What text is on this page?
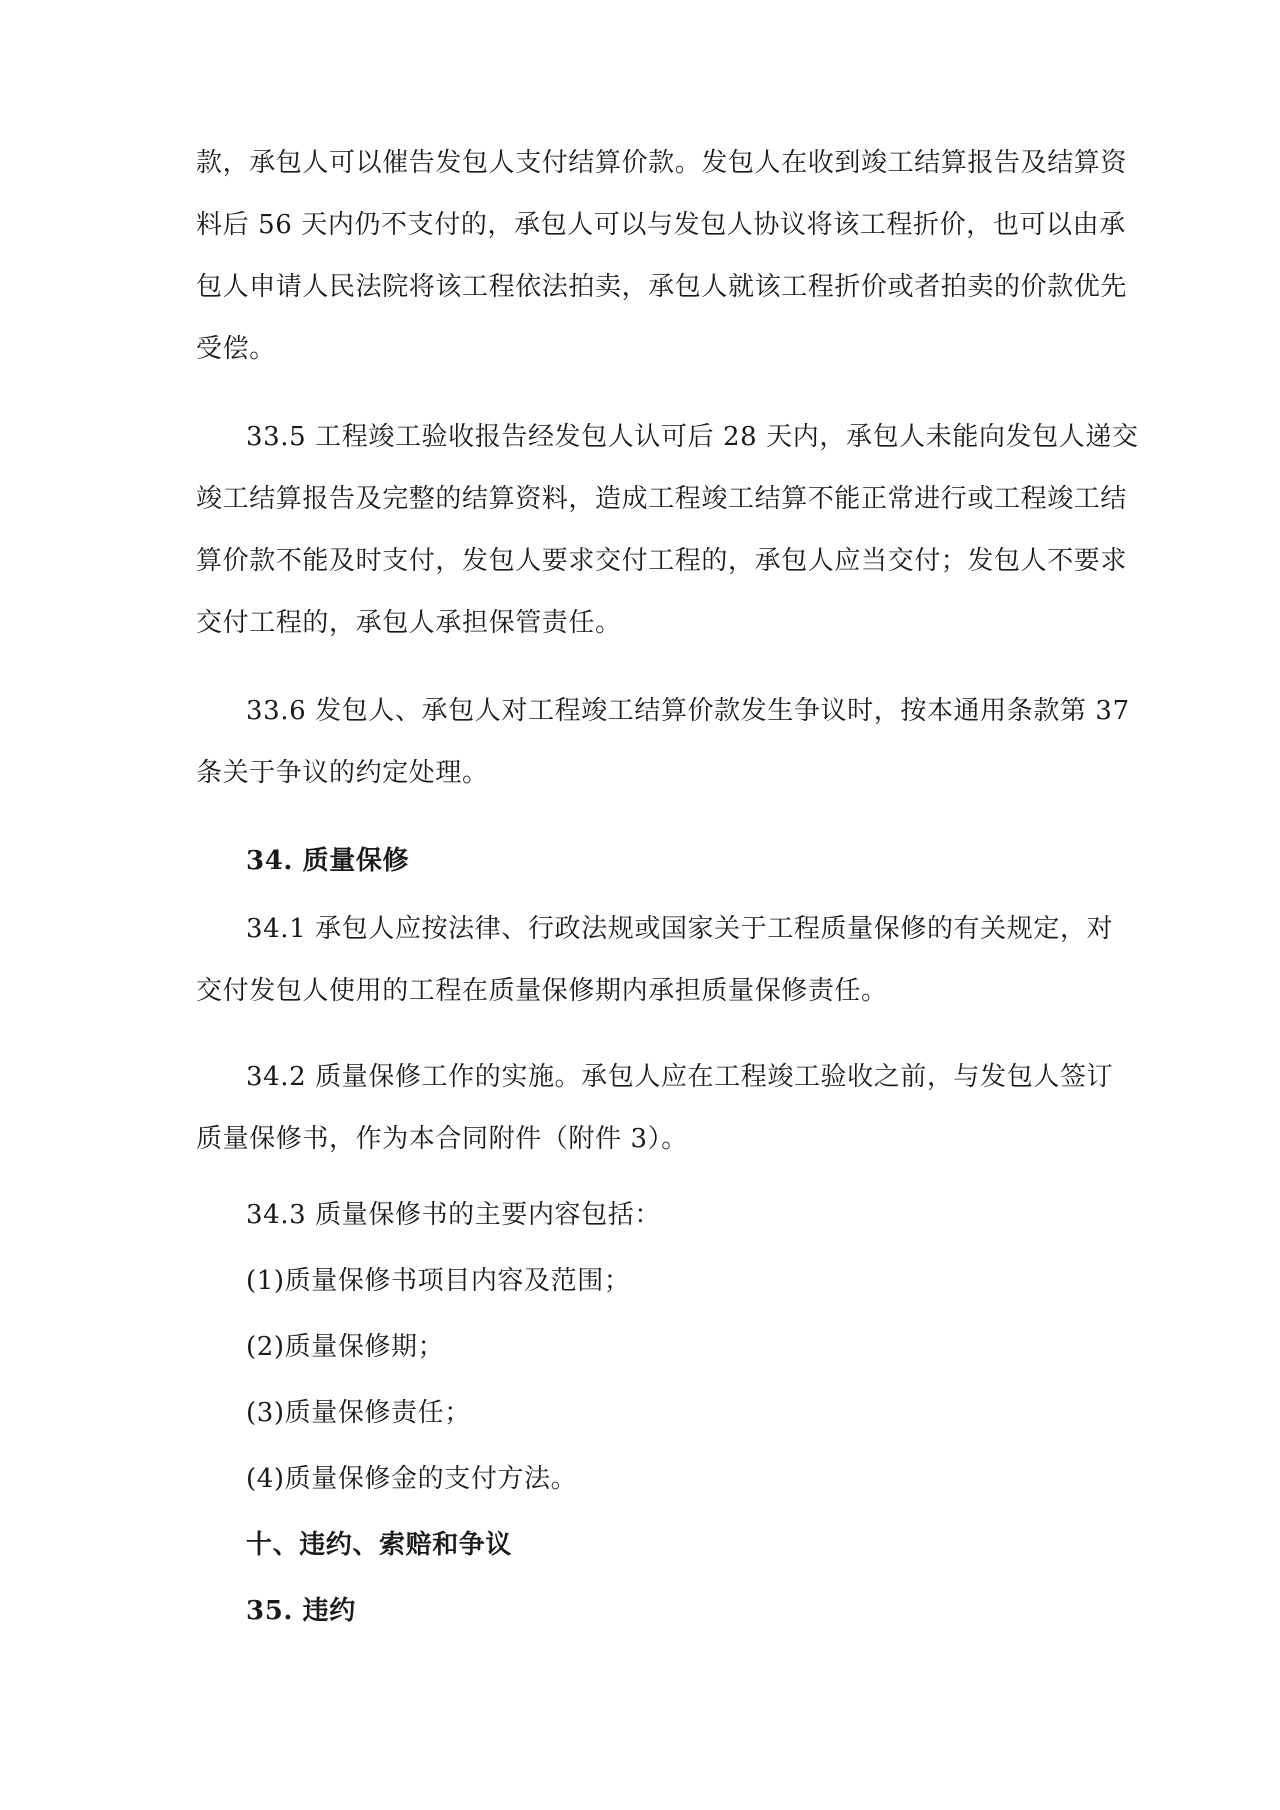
款，承包人可以催告发包人支付结算价款。发包人在收到竣工结算报告及结算资
料后 56 天内仍不支付的，承包人可以与发包人协议将该工程折价，也可以由承
包人申请人民法院将该工程依法拍卖，承包人就该工程折价或者拍卖的价款优先
受偿。
33.5 工程竣工验收报告经发包人认可后 28 天内，承包人未能向发包人递交
竣工结算报告及完整的结算资料，造成工程竣工结算不能正常进行或工程竣工结
算价款不能及时支付，发包人要求交付工程的，承包人应当交付；发包人不要求
交付工程的，承包人承担保管责任。
33.6 发包人、承包人对工程竣工结算价款发生争议时，按本通用条款第 37
条关于争议的约定处理。
34. 质量保修
34.1 承包人应按法律、行政法规或国家关于工程质量保修的有关规定，对
交付发包人使用的工程在质量保修期内承担质量保修责任。
34.2 质量保修工作的实施。承包人应在工程竣工验收之前，与发包人签订
质量保修书，作为本合同附件（附件 3）。
34.3 质量保修书的主要内容包括：
(1)质量保修书项目内容及范围；
(2)质量保修期；
(3)质量保修责任；
(4)质量保修金的支付方法。
十、违约、索赔和争议
35. 违约
